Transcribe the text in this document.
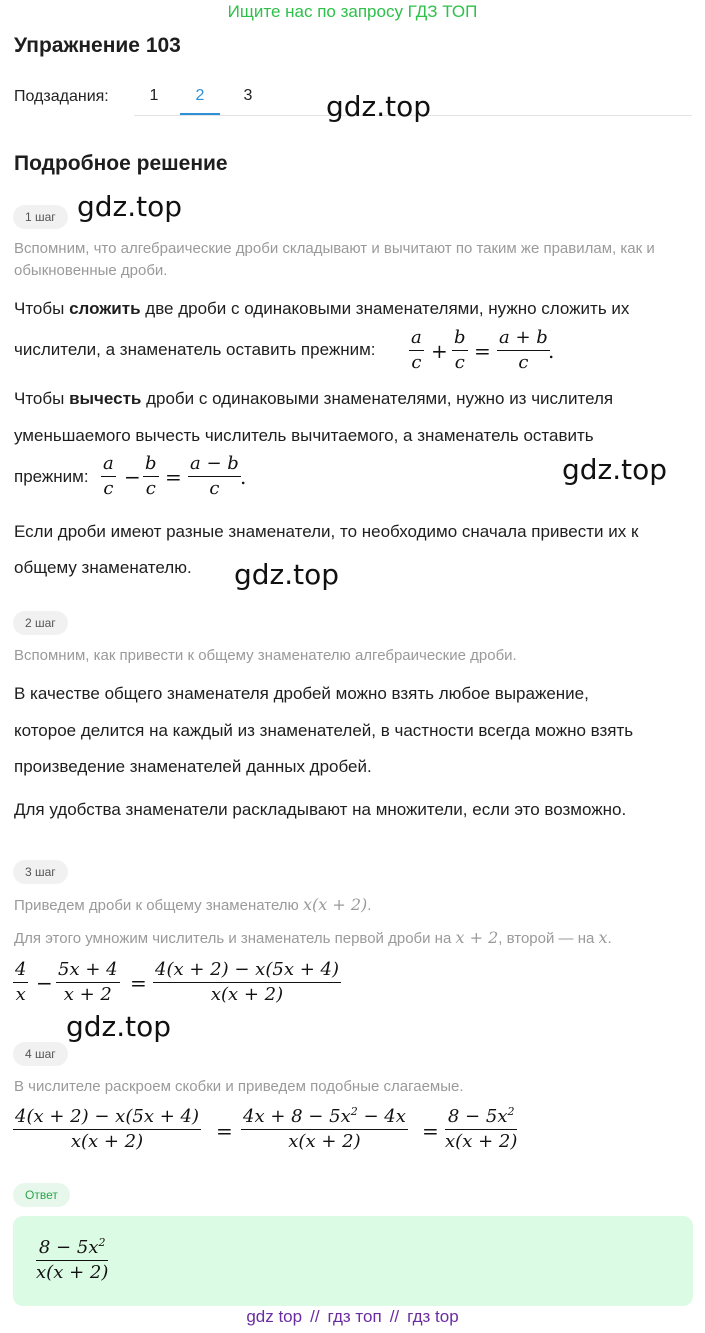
Ищите нас по запросу ГДЗ ТОП
Упражнение 103
Подзадания:	1	2	3	gdz.top
gdz.top
gdz.top
gdz.top
gdz.top
Подробное решение
1 шаг
Вспомним, что алгебраические дроби складывают и вычитают по таким же правилам, как и обыкновенные дроби.
Чтобы сложить две дроби с одинаковыми знаменателями, нужно сложить их
числители, а знаменатель оставить прежним: $\frac{a}{c} + \frac{b}{c} = \frac{a + b}{c}$
.
Чтобы вычесть дроби с одинаковыми знаменателями, нужно из числителя
уменьшаемого вычесть числитель вычитаемого, а знаменатель оставить
прежним: $\frac{a}{c} - \frac{b}{c} = \frac{a - b}{c}$ .
Если дроби имеют разные знаменатели, то необходимо сначала привести их к общему знаменателю.
2 шаг
Вспомним, как привести к общему знаменателю алгебраические дроби.
В качестве общего знаменателя дробей можно взять любое выражение,
которое делится на каждый из знаменателей, в частности всегда можно взять
произведение знаменателей данных дробей.
Для удобства знаменатели раскладывают на множители, если это возможно.
3 шаг
Приведем дроби к общему знаменателю x(x + 2).
Для этого умножим числитель и знаменатель первой дроби на x + 2, второй — на x.
$\frac{4}{x} - \frac{5x + 4}{x + 2} = \frac{4(x + 2) - x(5x + 4)}{x(x + 2)}$
4 шаг
В числителе раскроем скобки и приведем подобные слагаемые.
$\frac{4(x + 2) - x(5x + 4)}{x(x + 2)} = \frac{4x + 8 - 5x^2 - 4x}{x(x + 2)} = \frac{8 - 5x^2}{x(x + 2)}$
Ответ
$\frac{8 - 5x^2}{x(x + 2)}$
gdz top // гдз топ // гдз top
